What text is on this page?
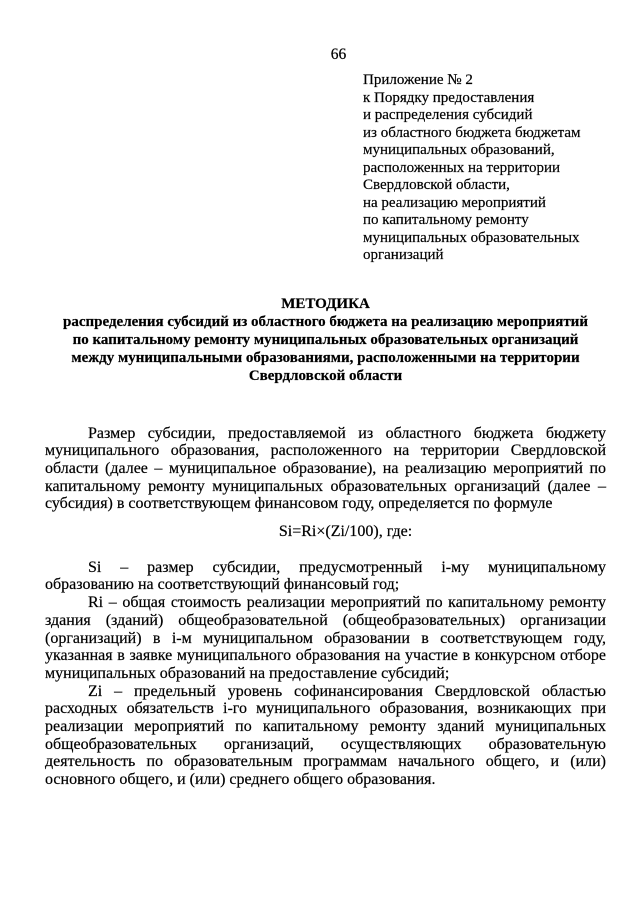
66
Приложение № 2
к Порядку предоставления
и распределения субсидий
из областного бюджета бюджетам
муниципальных образований,
расположенных на территории
Свердловской области,
на реализацию мероприятий
по капитальному ремонту
муниципальных образовательных
организаций
МЕТОДИКА
распределения субсидий из областного бюджета на реализацию мероприятий
по капитальному ремонту муниципальных образовательных организаций
между муниципальными образованиями, расположенными на территории
Свердловской области

Размер субсидии, предоставляемой из областного бюджета бюджету муниципального образования, расположенного на территории Свердловской области (далее – муниципальное образование), на реализацию мероприятий по капитальному ремонту муниципальных образовательных организаций (далее – субсидия) в соответствующем финансовом году, определяется по формуле

Si=Ri×(Zi/100), где:

Si – размер субсидии, предусмотренный i-му муниципальному образованию на соответствующий финансовый год;

Ri – общая стоимость реализации мероприятий по капитальному ремонту здания (зданий) общеобразовательной (общеобразовательных) организации (организаций) в i-м муниципальном образовании в соответствующем году, указанная в заявке муниципального образования на участие в конкурсном отборе муниципальных образований на предоставление субсидий;

Zi – предельный уровень софинансирования Свердловской областью расходных обязательств i-го муниципального образования, возникающих при реализации мероприятий по капитальному ремонту зданий муниципальных общеобразовательных организаций, осуществляющих образовательную деятельность по образовательным программам начального общего, и (или) основного общего, и (или) среднего общего образования.
